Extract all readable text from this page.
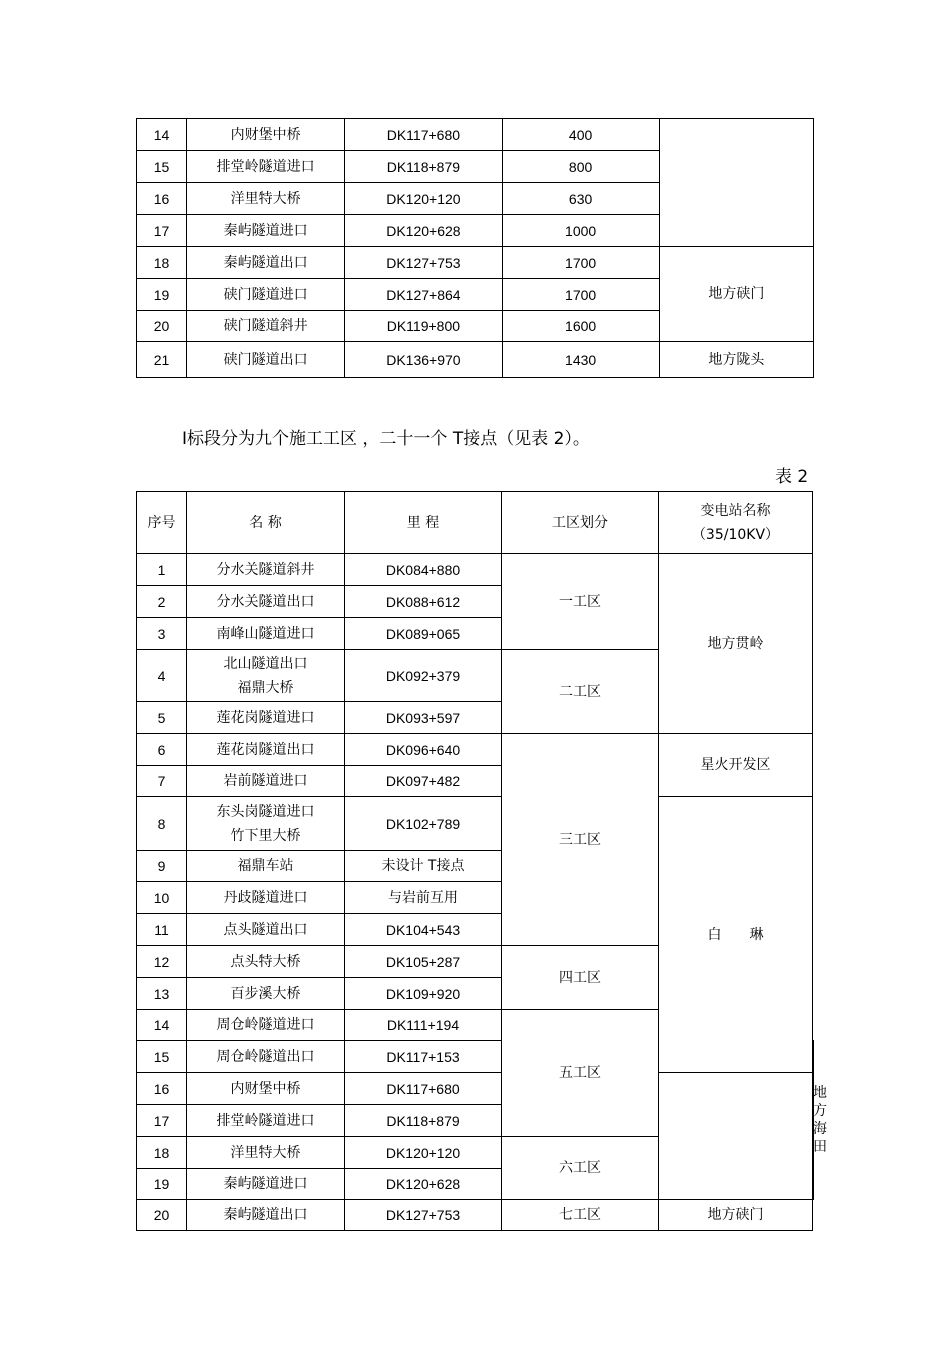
14	内财堡中桥	DK117+680	400	
15	排堂岭隧道进口	DK118+879	800	
16	洋里特大桥	DK120+120	630	
17	秦屿隧道进口	DK120+628	1000	
18	秦屿隧道出口	DK127+753	1700	地方硖门
19	硖门隧道进口	DK127+864	1700	
20	硖门隧道斜井	DK119+800	1600	
21	硖门隧道出口	DK136+970	1430	地方陇头
Ⅰ标段分为九个施工工区 ，二十一个 T接点（见表 2）。
表 2
序号	名 称	里 程	工区划分	变电站名称
（35/10KV）	

1	分水关隧道斜井	DK084+880	一工区	地方贯岭	
2	分水关隧道出口	DK088+612			
3	南峰山隧道进口	DK089+065			
4	北山隧道出口
福鼎大桥	DK092+379	二工区		
5	莲花岗隧道进口	DK093+597			
6	莲花岗隧道出口	DK096+640	三工区	星火开发区	
7	岩前隧道进口	DK097+482			
8	东头岗隧道进口
竹下里大桥	DK102+789		白　　琳	
9	福鼎车站	未设计 T接点			
10	丹歧隧道进口	与岩前互用			
11	点头隧道出口	DK104+543			
12	点头特大桥	DK105+287	四工区		
13	百步溪大桥	DK109+920			
14	周仓岭隧道进口	DK111+194	五工区		
15	周仓岭隧道出口	DK117+153			地方海田
16	内财堡中桥	DK117+680			
17	排堂岭隧道进口	DK118+879			
18	洋里特大桥	DK120+120	六工区		
19	秦屿隧道进口	DK120+628			
20	秦屿隧道出口	DK127+753	七工区	地方硖门	
